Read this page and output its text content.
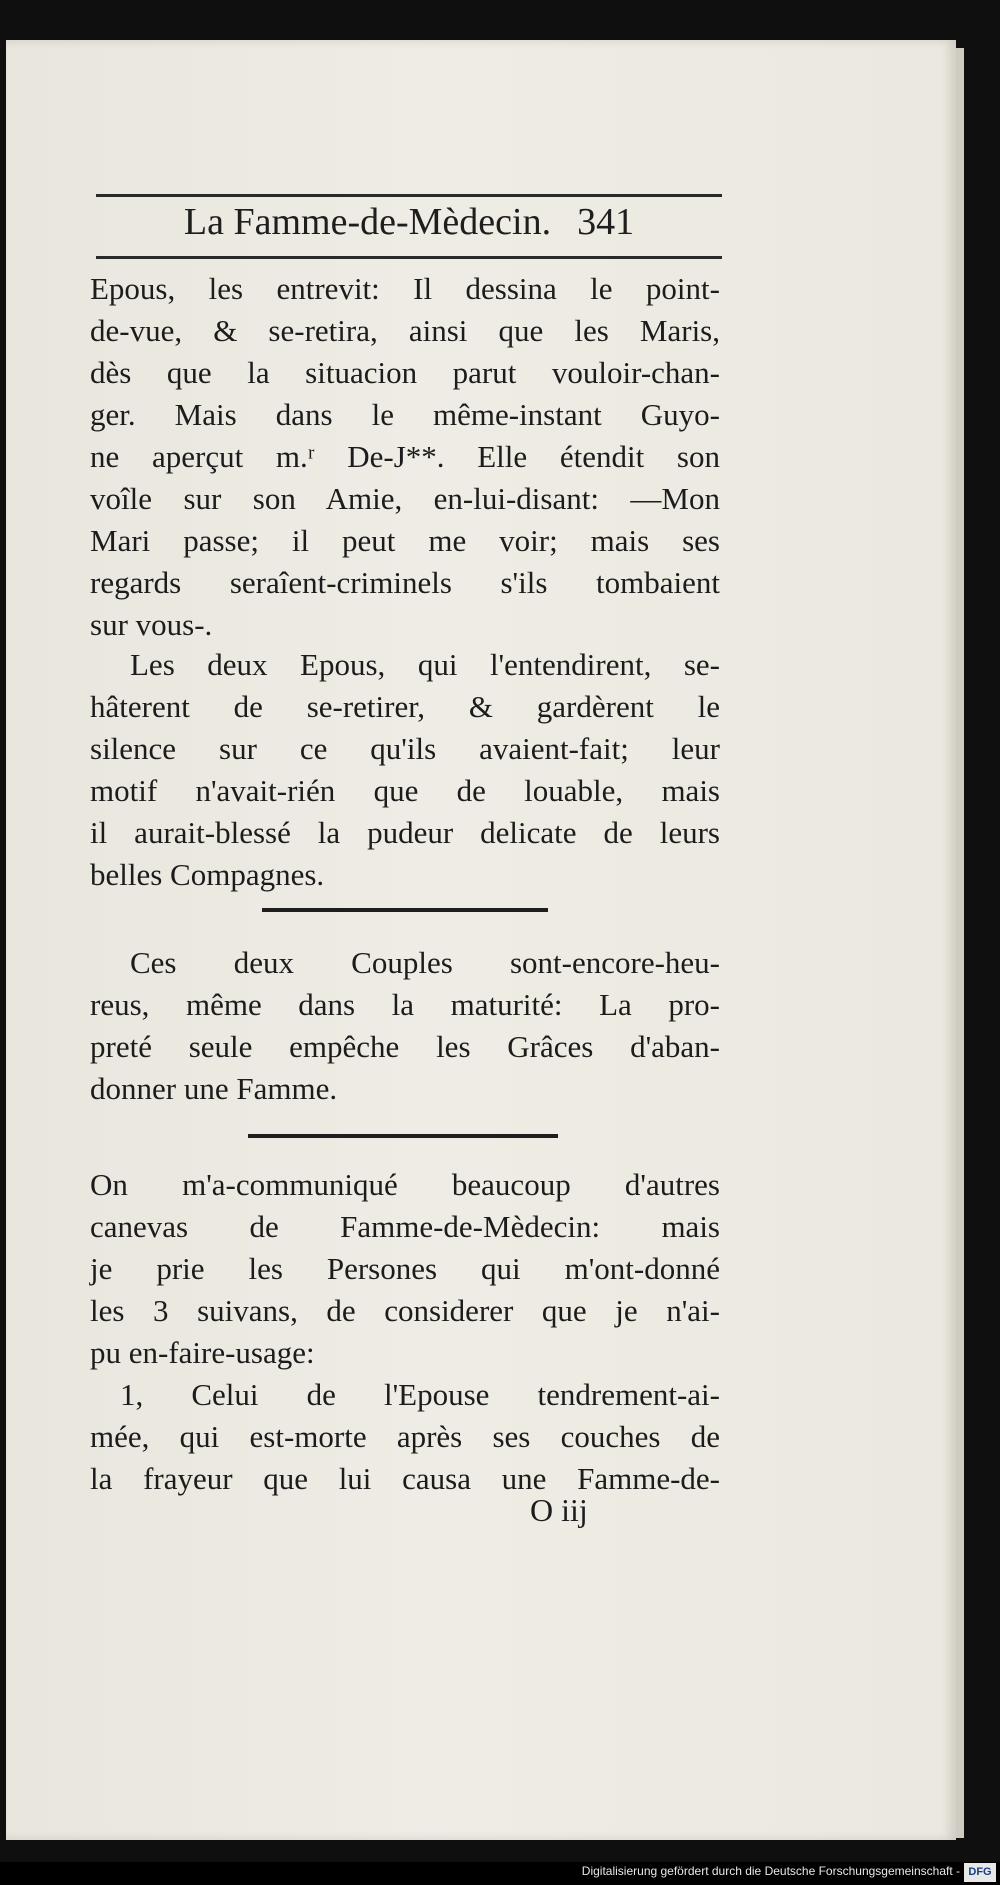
La Famme-de-Mèdecin. 341
Epous, les entrevit: Il dessina le point-
de-vue, & se-retira, ainsi que les Maris,
dès que la situacion parut vouloir-chan-
ger. Mais dans le même-instant Guyo-
ne aperçut m.ʳ De-J**. Elle étendit son
voîle sur son Amie, en-lui-disant: —Mon
Mari passe; il peut me voir; mais ses
regards seraîent-criminels s'ils tombaient
sur vous-.
Les deux Epous, qui l'entendirent, se-
hâterent de se-retirer, & gardèrent le
silence sur ce qu'ils avaient-fait; leur
motif n'avait-rién que de louable, mais
il aurait-blessé la pudeur delicate de leurs
belles Compagnes.
Ces deux Couples sont-encore-heu-
reus, même dans la maturité: La pro-
preté seule empêche les Grâces d'aban-
donner une Famme.
On m'a-communiqué beaucoup d'autres
canevas de Famme-de-Mèdecin: mais
je prie les Persones qui m'ont-donné
les 3 suivans, de considerer que je n'ai-
pu en-faire-usage:
1, Celui de l'Epouse tendrement-ai-
mée, qui est-morte après ses couches de
la frayeur que lui causa une Famme-de-
O iij
Digitalisierung gefördert durch die Deutsche Forschungsgemeinschaft - DFG
